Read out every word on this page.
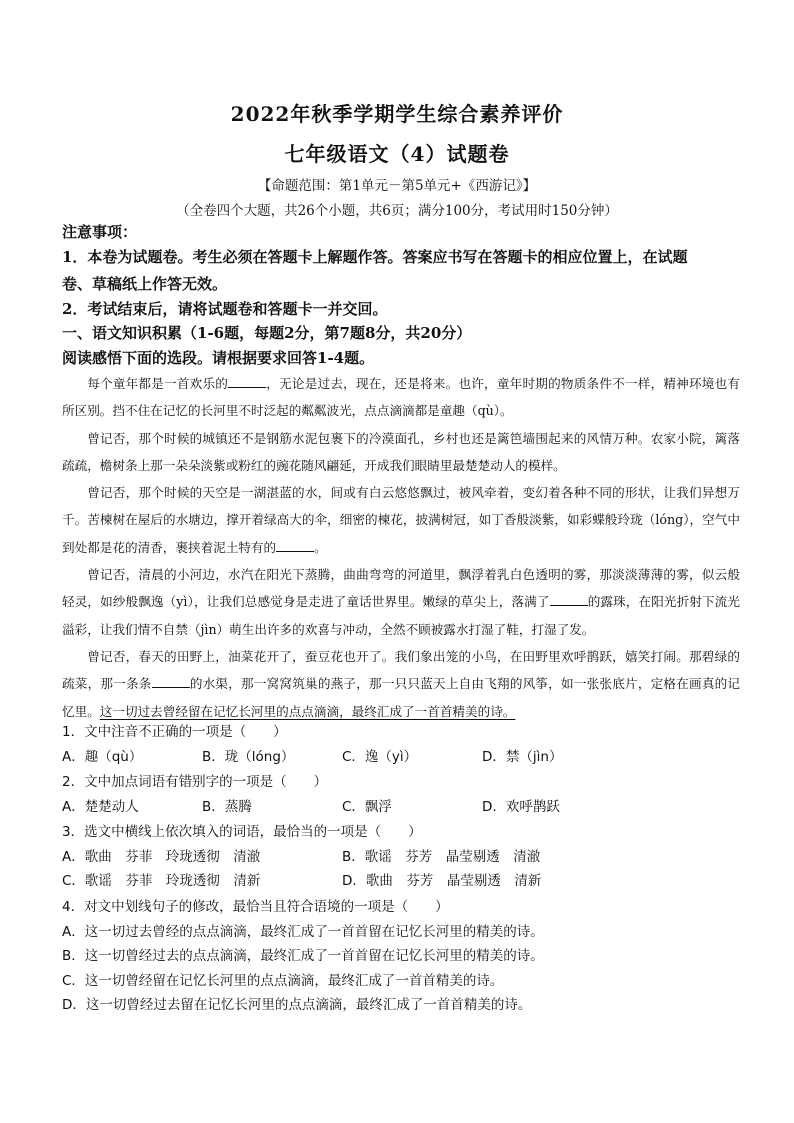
2022年秋季学期学生综合素养评价
七年级语文（4）试题卷
【命题范围：第1单元－第5单元+《西游记》】
（全卷四个大题，共26个小题，共6页；满分100分，考试用时150分钟）
注意事项：
1．本卷为试题卷。考生必须在答题卡上解题作答。答案应书写在答题卡的相应位置上，在试题
卷、草稿纸上作答无效。
2．考试结束后，请将试题卷和答题卡一并交回。
一、语文知识积累（1-6题，每题2分，第7题8分，共20分）
阅读感悟下面的选段。请根据要求回答1-4题。

每个童年都是一首欢乐的	，无论是过去，现在，还是将来。也许，童年时期的物质条件不一样，精神环境也有所区别。挡不住在记忆的长河里不时泛起的粼粼波光，点点滴滴都是童趣（qù）。

曾记否，那个时候的城镇还不是钢筋水泥包裹下的冷漠面孔，乡村也还是篱笆墙围起来的风情万种。农家小院，篱落疏疏，檐树条上那一朵朵淡紫或粉红的豌花随风翩延，开成我们眼睛里最楚楚动人的模样。

曾记否，那个时候的天空是一湖湛蓝的水，间或有白云悠悠飘过，被风牵着，变幻着各种不同的形状，让我们异想万千。苦楝树在屋后的水塘边，撑开着绿高大的伞，细密的楝花，披满树冠，如丁香般淡紫，如彩蝶般玲珑（lóng），空气中到处都是花的清香，裹挟着泥土特有的	。

曾记否，清晨的小河边，水汽在阳光下蒸腾，曲曲弯弯的河道里，飘浮着乳白色透明的雾，那淡淡薄薄的雾，似云般轻灵，如纱般飘逸（yì），让我们总感觉身是走进了童话世界里。嫩绿的草尖上，落满了	的露珠，在阳光折射下流光溢彩，让我们情不自禁（jìn）萌生出许多的欢喜与冲动，全然不顾被露水打湿了鞋，打湿了发。

曾记否，春天的田野上，油菜花开了，蚕豆花也开了。我们象出笼的小鸟，在田野里欢呼鹊跃，嬉笑打闹。那碧绿的疏菜，那一条条	的水渠，那一窝窝筑巢的燕子，那一只只蓝天上自由飞翔的风筝，如一张张底片，定格在画真的记忆里。这一切过去曾经留在记忆长河里的点点滴滴，最终汇成了一首首精美的诗。

1．文中注音不正确的一项是（　　）
A．趣（qù）	B．珑（lóng）	C．逸（yì）	D．禁（jìn）
2．文中加点词语有错别字的一项是（　　）
A．楚楚动人	B．蒸腾	C．飘浮	D．欢呼鹊跃
3．选文中横线上依次填入的词语，最恰当的一项是（　　）
A．歌曲　芬菲　玲珑透彻　清澈	B．歌谣　芬芳　晶莹剔透　清澈
C．歌谣　芬菲　玲珑透彻　清新	D．歌曲　芬芳　晶莹剔透　清新
4．对文中划线句子的修改，最恰当且符合语境的一项是（　　）
A．这一切过去曾经的点点滴滴，最终汇成了一首首留在记忆长河里的精美的诗。
B．这一切曾经过去的点点滴滴，最终汇成了一首首留在记忆长河里的精美的诗。
C．这一切曾经留在记忆长河里的点点滴滴，最终汇成了一首首精美的诗。
D．这一切曾经过去留在记忆长河里的点点滴滴，最终汇成了一首首精美的诗。
